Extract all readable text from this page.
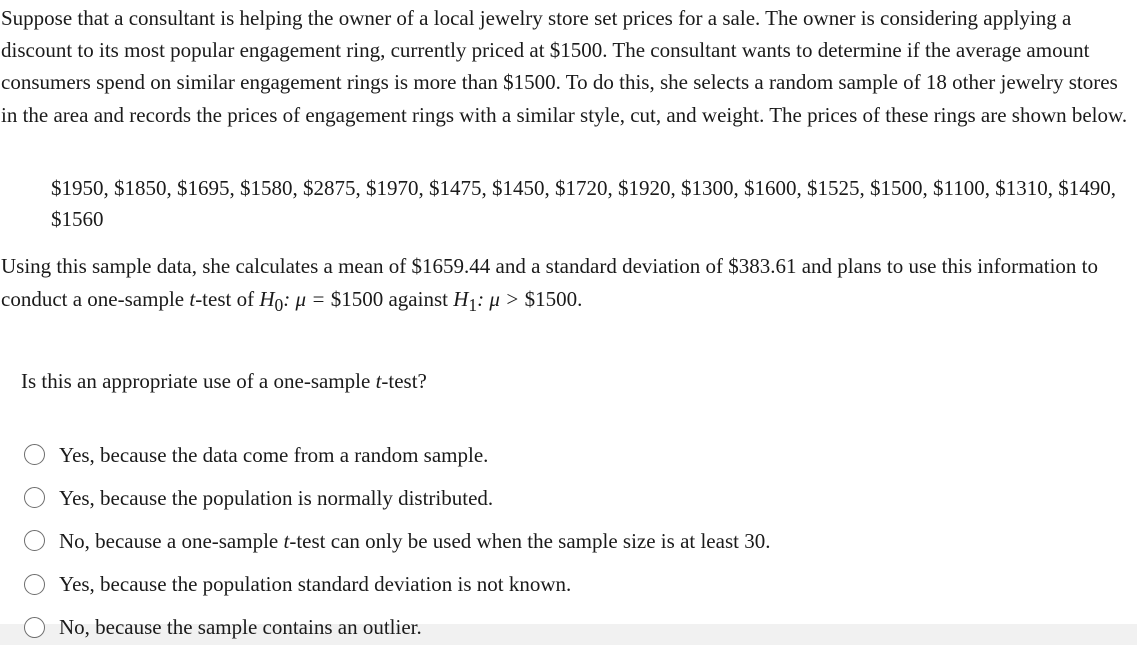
Suppose that a consultant is helping the owner of a local jewelry store set prices for a sale. The owner is considering applying a discount to its most popular engagement ring, currently priced at $1500. The consultant wants to determine if the average amount consumers spend on similar engagement rings is more than $1500. To do this, she selects a random sample of 18 other jewelry stores in the area and records the prices of engagement rings with a similar style, cut, and weight. The prices of these rings are shown below.

$1950, $1850, $1695, $1580, $2875, $1970, $1475, $1450, $1720, $1920, $1300, $1600, $1525, $1500, $1100, $1310, $1490, $1560

Using this sample data, she calculates a mean of $1659.44 and a standard deviation of $383.61 and plans to use this information to conduct a one-sample t-test of $H_0$: μ = $1500 against $H_1$: μ > $1500.

Is this an appropriate use of a one-sample t-test?

Yes, because the data come from a random sample.
Yes, because the population is normally distributed.
No, because a one-sample t-test can only be used when the sample size is at least 30.
Yes, because the population standard deviation is not known.
No, because the sample contains an outlier.
